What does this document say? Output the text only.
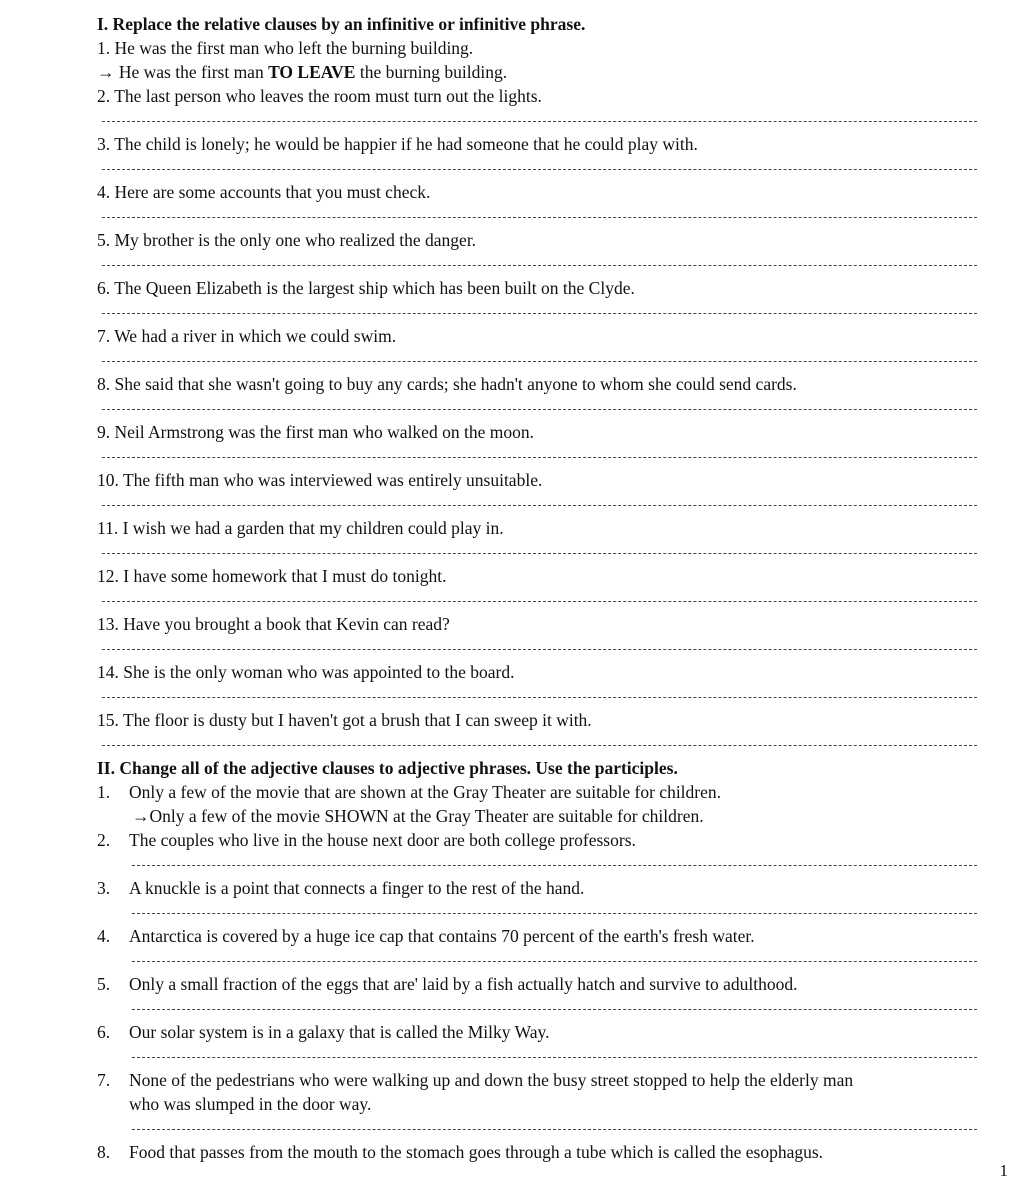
I. Replace the relative clauses by an infinitive or infinitive phrase.
1. He was the first man who left the burning building.
→ He was the first man TO LEAVE the burning building.
2. The last person who leaves the room must turn out the lights.
3. The child is lonely; he would be happier if he had someone that he could play with.
4. Here are some accounts that you must check.
5. My brother is the only one who realized the danger.
6. The Queen Elizabeth is the largest ship which has been built on the Clyde.
7. We had a river in which we could swim.
8. She said that she wasn't going to buy any cards; she hadn't anyone to whom she could send cards.
9. Neil Armstrong was the first man who walked on the moon.
10. The fifth man who was interviewed was entirely unsuitable.
11. I wish we had a garden that my children could play in.
12. I have some homework that I must do tonight.
13. Have you brought a book that Kevin can read?
14. She is the only woman who was appointed to the board.
15. The floor is dusty but I haven't got a brush that I can sweep it with.
II. Change all of the adjective clauses to adjective phrases. Use the participles.
1.	Only a few of the movie that are shown at the Gray Theater are suitable for children.
→Only a few of the movie SHOWN at the Gray Theater are suitable for children.
2.	The couples who live in the house next door are both college professors.
3.	A knuckle is a point that connects a finger to the rest of the hand.
4.	Antarctica is covered by a huge ice cap that contains 70 percent of the earth's fresh water.
5.	Only a small fraction of the eggs that are' laid by a fish actually hatch and survive to adulthood.
6.	Our solar system is in a galaxy that is called the Milky Way.
7.	None of the pedestrians who were walking up and down the busy street stopped to help the elderly man
who was slumped in the door way.
8.	Food that passes from the mouth to the stomach goes through a tube which is called the esophagus.
1
